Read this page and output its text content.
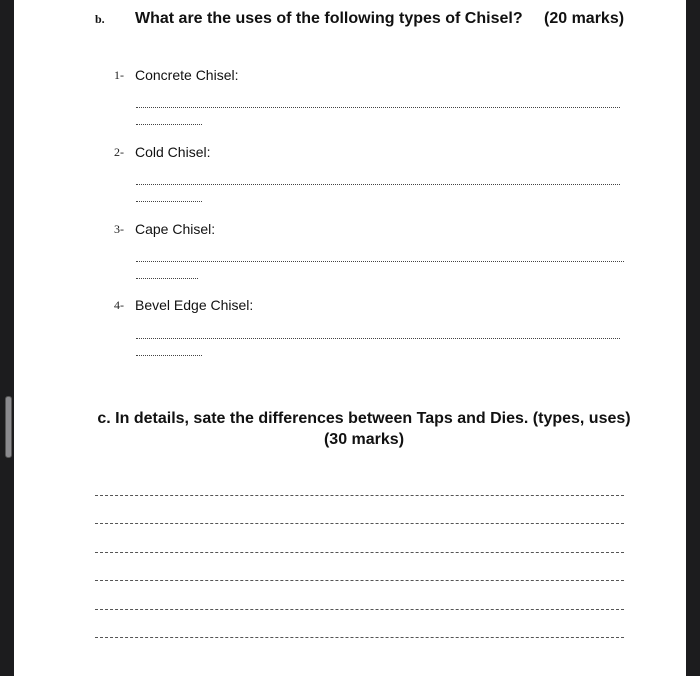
b. What are the uses of the following types of Chisel? (20 marks)
1- Concrete Chisel:
2- Cold Chisel:
3- Cape Chisel:
4- Bevel Edge Chisel:
c. In details, sate the differences between Taps and Dies. (types, uses)
(30 marks)
